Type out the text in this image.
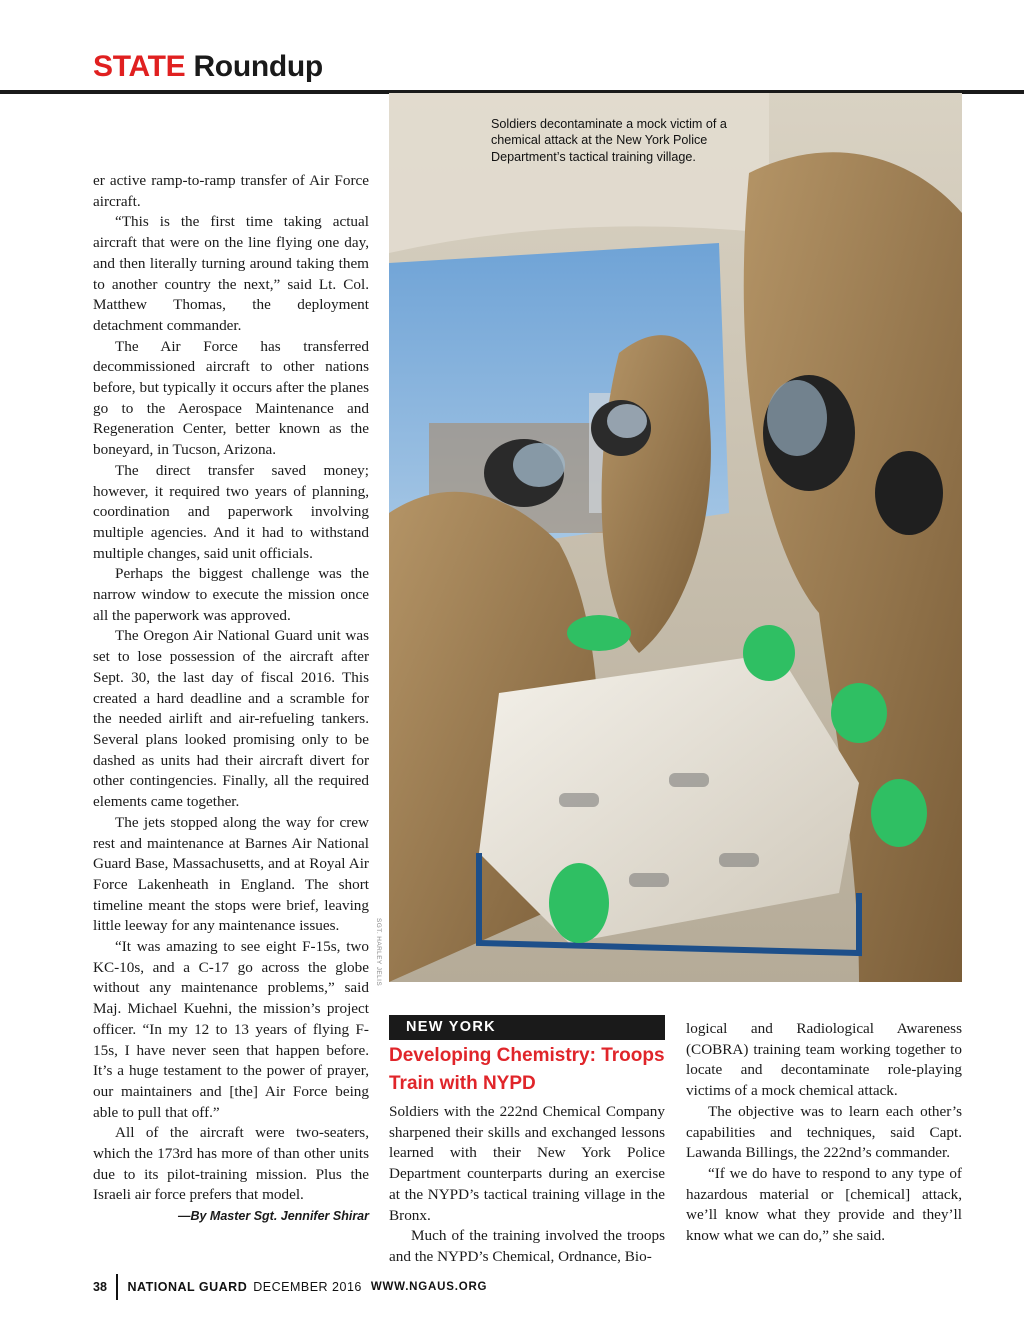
STATE Roundup

er active ramp-to-ramp transfer of Air Force aircraft.

“This is the first time taking actual aircraft that were on the line flying one day, and then literally turning around taking them to another country the next,” said Lt. Col. Matthew Thomas, the deployment detachment commander.

The Air Force has transferred decommissioned aircraft to other nations before, but typically it occurs after the planes go to the Aerospace Maintenance and Regeneration Center, better known as the boneyard, in Tucson, Arizona.

The direct transfer saved money; however, it required two years of planning, coordination and paperwork involving multiple agencies. And it had to withstand multiple changes, said unit officials.

Perhaps the biggest challenge was the narrow window to execute the mission once all the paperwork was approved.

The Oregon Air National Guard unit was set to lose possession of the aircraft after Sept. 30, the last day of fiscal 2016. This created a hard deadline and a scramble for the needed airlift and air-refueling tankers. Several plans looked promising only to be dashed as units had their aircraft divert for other contingencies. Finally, all the required elements came together.

The jets stopped along the way for crew rest and maintenance at Barnes Air National Guard Base, Massachusetts, and at Royal Air Force Lakenheath in England. The short timeline meant the stops were brief, leaving little leeway for any maintenance issues.

“It was amazing to see eight F-15s, two KC-10s, and a C-17 go across the globe without any maintenance problems,” said Maj. Michael Kuehni, the mission’s project officer. “In my 12 to 13 years of flying F-15s, I have never seen that happen before. It’s a huge testament to the power of prayer, our maintainers and [the] Air Force being able to pull that off.”

All of the aircraft were two-seaters, which the 173rd has more of than other units due to its pilot-training mission. Plus the Israeli air force prefers that model.

—By Master Sgt. Jennifer Shirar

Soldiers decontaminate a mock victim of a chemical attack at the New York Police Department’s tactical training village.
SGT. HARLEY JELIS
NEW YORK
Developing Chemistry: Troops Train with NYPD

Soldiers with the 222nd Chemical Company sharpened their skills and exchanged lessons learned with their New York Police Department counterparts during an exercise at the NYPD’s tactical training village in the Bronx.

Much of the training involved the troops and the NYPD’s Chemical, Ordnance, Bio-

logical and Radiological Awareness (COBRA) training team working together to locate and decontaminate role-playing victims of a mock chemical attack.

The objective was to learn each other’s capabilities and techniques, said Capt. Lawanda Billings, the 222nd’s commander.

“If we do have to respond to any type of hazardous material or [chemical] attack, we’ll know what they provide and they’ll know what we can do,” she said.

38 NATIONAL GUARD DECEMBER 2016 WWW.NGAUS.ORG
